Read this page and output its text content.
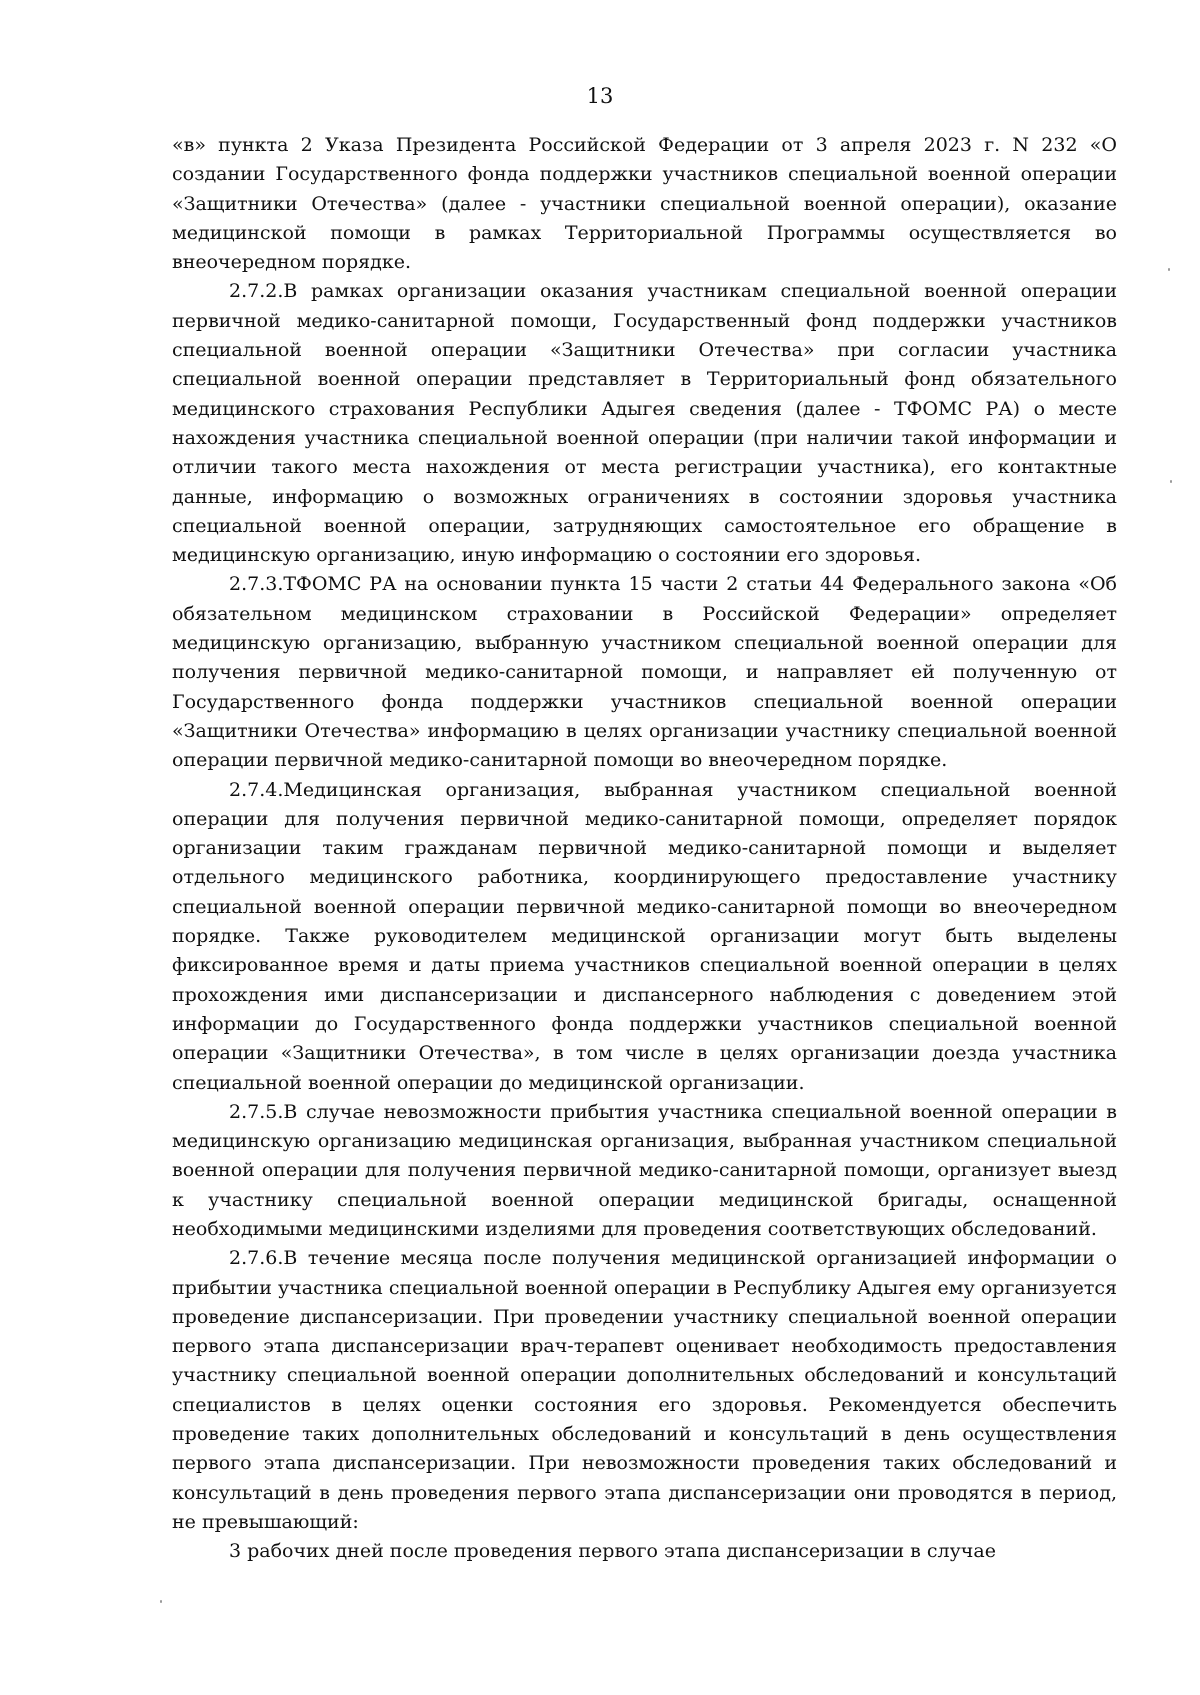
13

«в» пункта 2 Указа Президента Российской Федерации от 3 апреля 2023 г. N 232 «О создании Государственного фонда поддержки участников специальной военной операции «Защитники Отечества» (далее - участники специальной военной операции), оказание медицинской помощи в рамках Территориальной Программы осуществляется во внеочередном порядке.

2.7.2.В рамках организации оказания участникам специальной военной операции первичной медико-санитарной помощи, Государственный фонд поддержки участников специальной военной операции «Защитники Отечества» при согласии участника специальной военной операции представляет в Территориальный фонд обязательного медицинского страхования Республики Адыгея сведения (далее - ТФОМС РА) о месте нахождения участника специальной военной операции (при наличии такой информации и отличии такого места нахождения от места регистрации участника), его контактные данные, информацию о возможных ограничениях в состоянии здоровья участника специальной военной операции, затрудняющих самостоятельное его обращение в медицинскую организацию, иную информацию о состоянии его здоровья.

2.7.3.ТФОМС РА на основании пункта 15 части 2 статьи 44 Федерального закона «Об обязательном медицинском страховании в Российской Федерации» определяет медицинскую организацию, выбранную участником специальной военной операции для получения первичной медико-санитарной помощи, и направляет ей полученную от Государственного фонда поддержки участников специальной военной операции «Защитники Отечества» информацию в целях организации участнику специальной военной операции первичной медико-санитарной помощи во внеочередном порядке.

2.7.4.Медицинская организация, выбранная участником специальной военной операции для получения первичной медико-санитарной помощи, определяет порядок организации таким гражданам первичной медико-санитарной помощи и выделяет отдельного медицинского работника, координирующего предоставление участнику специальной военной операции первичной медико-санитарной помощи во внеочередном порядке. Также руководителем медицинской организации могут быть выделены фиксированное время и даты приема участников специальной военной операции в целях прохождения ими диспансеризации и диспансерного наблюдения с доведением этой информации до Государственного фонда поддержки участников специальной военной операции «Защитники Отечества», в том числе в целях организации доезда участника специальной военной операции до медицинской организации.

2.7.5.В случае невозможности прибытия участника специальной военной операции в медицинскую организацию медицинская организация, выбранная участником специальной военной операции для получения первичной медико-санитарной помощи, организует выезд к участнику специальной военной операции медицинской бригады, оснащенной необходимыми медицинскими изделиями для проведения соответствующих обследований.

2.7.6.В течение месяца после получения медицинской организацией информации о прибытии участника специальной военной операции в Республику Адыгея ему организуется проведение диспансеризации. При проведении участнику специальной военной операции первого этапа диспансеризации врач-терапевт оценивает необходимость предоставления участнику специальной военной операции дополнительных обследований и консультаций специалистов в целях оценки состояния его здоровья. Рекомендуется обеспечить проведение таких дополнительных обследований и консультаций в день осуществления первого этапа диспансеризации. При невозможности проведения таких обследований и консультаций в день проведения первого этапа диспансеризации они проводятся в период, не превышающий:

3 рабочих дней после проведения первого этапа диспансеризации в случае
